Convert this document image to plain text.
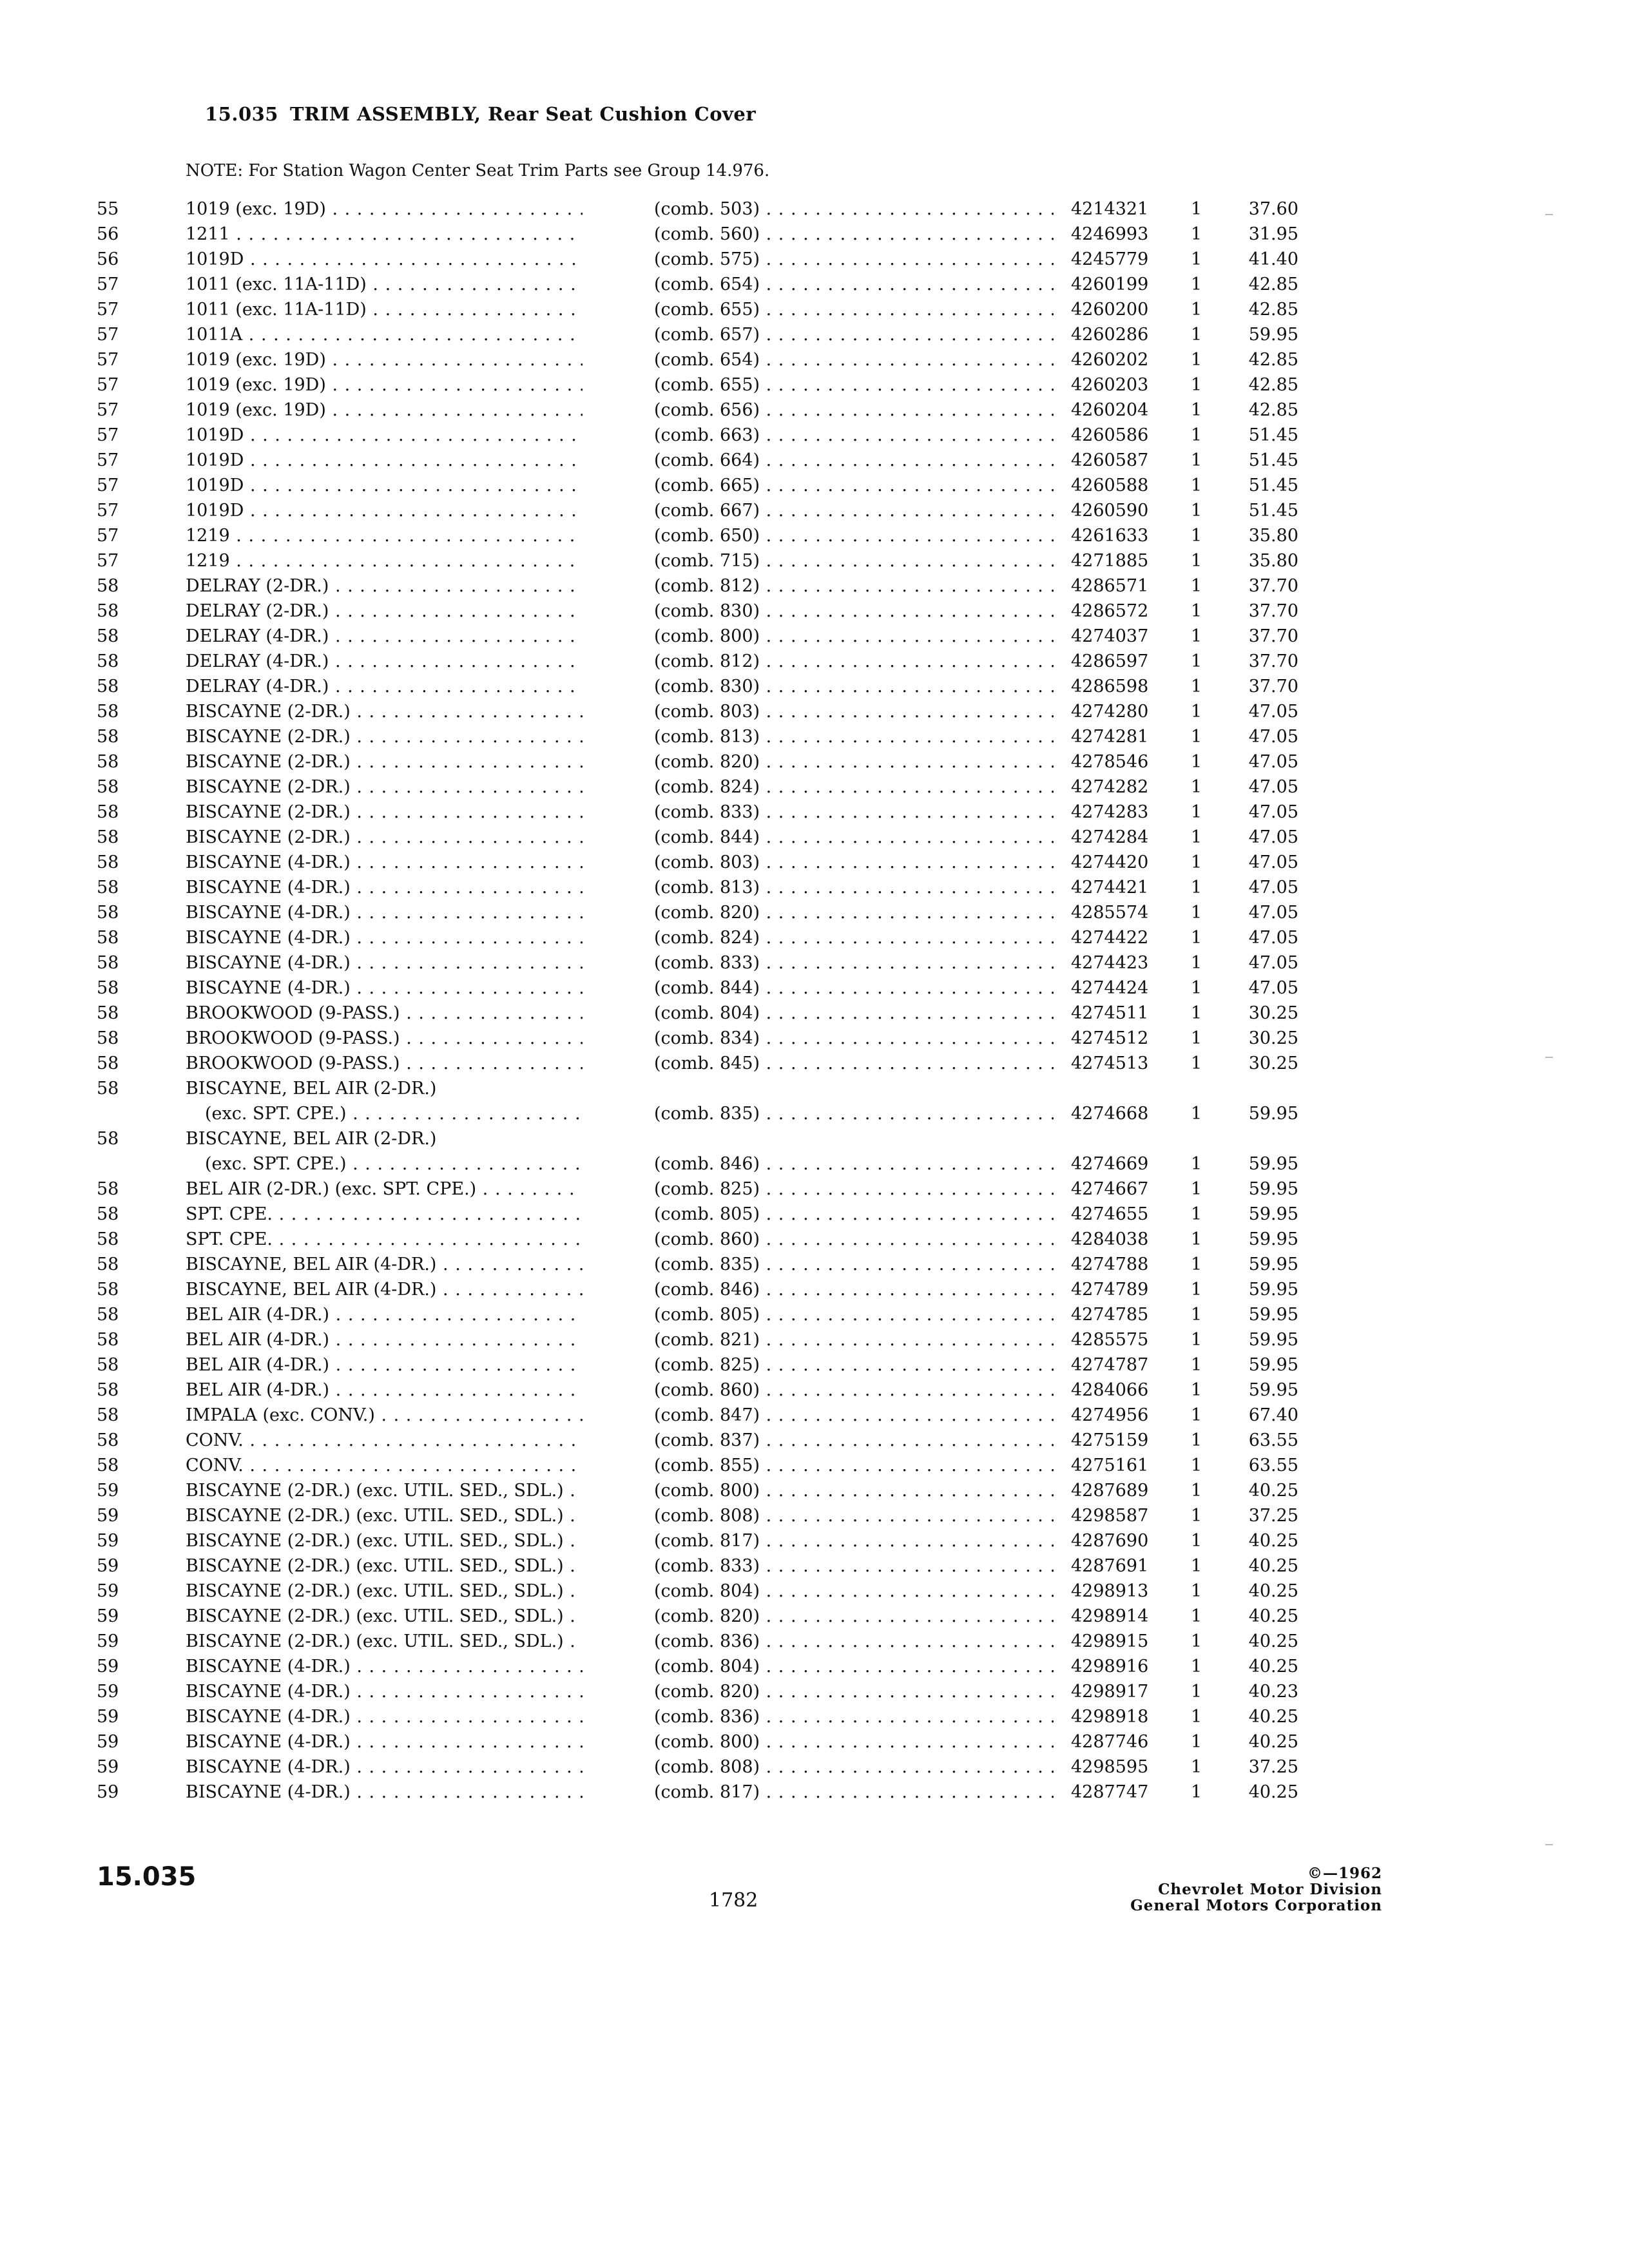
15.035 TRIM ASSEMBLY, Rear Seat Cushion Cover
NOTE: For Station Wagon Center Seat Trim Parts see Group 14.976.
55	1019 (exc. 19D) . . .	(comb. 503) . . .	4214321 1	37.60
56	1211 . . .	(comb. 560) . . .	4246993 1	31.95
56	1019D . . .	(comb. 575) . . .	4245779 1	41.40
57	1011 (exc. 11A-11D) . . .	(comb. 654) . . .	4260199 1	42.85
57	1011 (exc. 11A-11D) . . .	(comb. 655) . . .	4260200 1	42.85
57	1011A . . .	(comb. 657) . . .	4260286 1	59.95
57	1019 (exc. 19D) . . .	(comb. 654) . . .	4260202 1	42.85
57	1019 (exc. 19D) . . .	(comb. 655) . . .	4260203 1	42.85
57	1019 (exc. 19D) . . .	(comb. 656) . . .	4260204 1	42.85
57	1019D . . .	(comb. 663) . . .	4260586 1	51.45
57	1019D . . .	(comb. 664) . . .	4260587 1	51.45
57	1019D . . .	(comb. 665) . . .	4260588 1	51.45
57	1019D . . .	(comb. 667) . . .	4260590 1	51.45
57	1219 . . .	(comb. 650) . . .	4261633 1	35.80
57	1219 . . .	(comb. 715) . . .	4271885 1	35.80
58	DELRAY (2-DR.) . . .	(comb. 812) . . .	4286571 1	37.70
58	DELRAY (2-DR.) . . .	(comb. 830) . . .	4286572 1	37.70
58	DELRAY (4-DR.) . . .	(comb. 800) . . .	4274037 1	37.70
58	DELRAY (4-DR.) . . .	(comb. 812) . . .	4286597 1	37.70
58	DELRAY (4-DR.) . . .	(comb. 830) . . .	4286598 1	37.70
58	BISCAYNE (2-DR.) . . .	(comb. 803) . . .	4274280 1	47.05
58	BISCAYNE (2-DR.) . . .	(comb. 813) . . .	4274281 1	47.05
58	BISCAYNE (2-DR.) . . .	(comb. 820) . . .	4278546 1	47.05
58	BISCAYNE (2-DR.) . . .	(comb. 824) . . .	4274282 1	47.05
58	BISCAYNE (2-DR.) . . .	(comb. 833) . . .	4274283 1	47.05
58	BISCAYNE (2-DR.) . . .	(comb. 844) . . .	4274284 1	47.05
58	BISCAYNE (4-DR.) . . .	(comb. 803) . . .	4274420 1	47.05
58	BISCAYNE (4-DR.) . . .	(comb. 813) . . .	4274421 1	47.05
58	BISCAYNE (4-DR.) . . .	(comb. 820) . . .	4285574 1	47.05
58	BISCAYNE (4-DR.) . . .	(comb. 824) . . .	4274422 1	47.05
58	BISCAYNE (4-DR.) . . .	(comb. 833) . . .	4274423 1	47.05
58	BISCAYNE (4-DR.) . . .	(comb. 844) . . .	4274424 1	47.05
58	BROOKWOOD (9-PASS.) . . .	(comb. 804) . . .	4274511 1	30.25
58	BROOKWOOD (9-PASS.) . . .	(comb. 834) . . .	4274512 1	30.25
58	BROOKWOOD (9-PASS.) . . .	(comb. 845) . . .	4274513 1	30.25
58	BISCAYNE, BEL AIR (2-DR.)
(exc. SPT. CPE.) . . .	(comb. 835) . . .	4274668 1	59.95
58	BISCAYNE, BEL AIR (2-DR.)
(exc. SPT. CPE.) . . .	(comb. 846) . . .	4274669 1	59.95
58	BEL AIR (2-DR.) (exc. SPT. CPE.) . . .	(comb. 825) . . .	4274667 1	59.95
58	SPT. CPE. . . .	(comb. 805) . . .	4274655 1	59.95
58	SPT. CPE. . . .	(comb. 860) . . .	4284038 1	59.95
58	BISCAYNE, BEL AIR (4-DR.) . . .	(comb. 835) . . .	4274788 1	59.95
58	BISCAYNE, BEL AIR (4-DR.) . . .	(comb. 846) . . .	4274789 1	59.95
58	BEL AIR (4-DR.) . . .	(comb. 805) . . .	4274785 1	59.95
58	BEL AIR (4-DR.) . . .	(comb. 821) . . .	4285575 1	59.95
58	BEL AIR (4-DR.) . . .	(comb. 825) . . .	4274787 1	59.95
58	BEL AIR (4-DR.) . . .	(comb. 860) . . .	4284066 1	59.95
58	IMPALA (exc. CONV.) . . .	(comb. 847) . . .	4274956 1	67.40
58	CONV. . . .	(comb. 837) . . .	4275159 1	63.55
58	CONV. . . .	(comb. 855) . . .	4275161 1	63.55
59	BISCAYNE (2-DR.) (exc. UTIL. SED., SDL.) . . .	(comb. 800) . . .	4287689 1	40.25
59	BISCAYNE (2-DR.) (exc. UTIL. SED., SDL.) . . .	(comb. 808) . . .	4298587 1	37.25
59	BISCAYNE (2-DR.) (exc. UTIL. SED., SDL.) . . .	(comb. 817) . . .	4287690 1	40.25
59	BISCAYNE (2-DR.) (exc. UTIL. SED., SDL.) . . .	(comb. 833) . . .	4287691 1	40.25
59	BISCAYNE (2-DR.) (exc. UTIL. SED., SDL.) . . .	(comb. 804) . . .	4298913 1	40.25
59	BISCAYNE (2-DR.) (exc. UTIL. SED., SDL.) . . .	(comb. 820) . . .	4298914 1	40.25
59	BISCAYNE (2-DR.) (exc. UTIL. SED., SDL.) . . .	(comb. 836) . . .	4298915 1	40.25
59	BISCAYNE (4-DR.) . . .	(comb. 804) . . .	4298916 1	40.25
59	BISCAYNE (4-DR.) . . .	(comb. 820) . . .	4298917 1	40.23
59	BISCAYNE (4-DR.) . . .	(comb. 836) . . .	4298918 1	40.25
59	BISCAYNE (4-DR.) . . .	(comb. 800) . . .	4287746 1	40.25
59	BISCAYNE (4-DR.) . . .	(comb. 808) . . .	4298595 1	37.25
59	BISCAYNE (4-DR.) . . .	(comb. 817) . . .	4287747 1	40.25
15.035
1782
©—1962
Chevrolet Motor Division
General Motors Corporation
